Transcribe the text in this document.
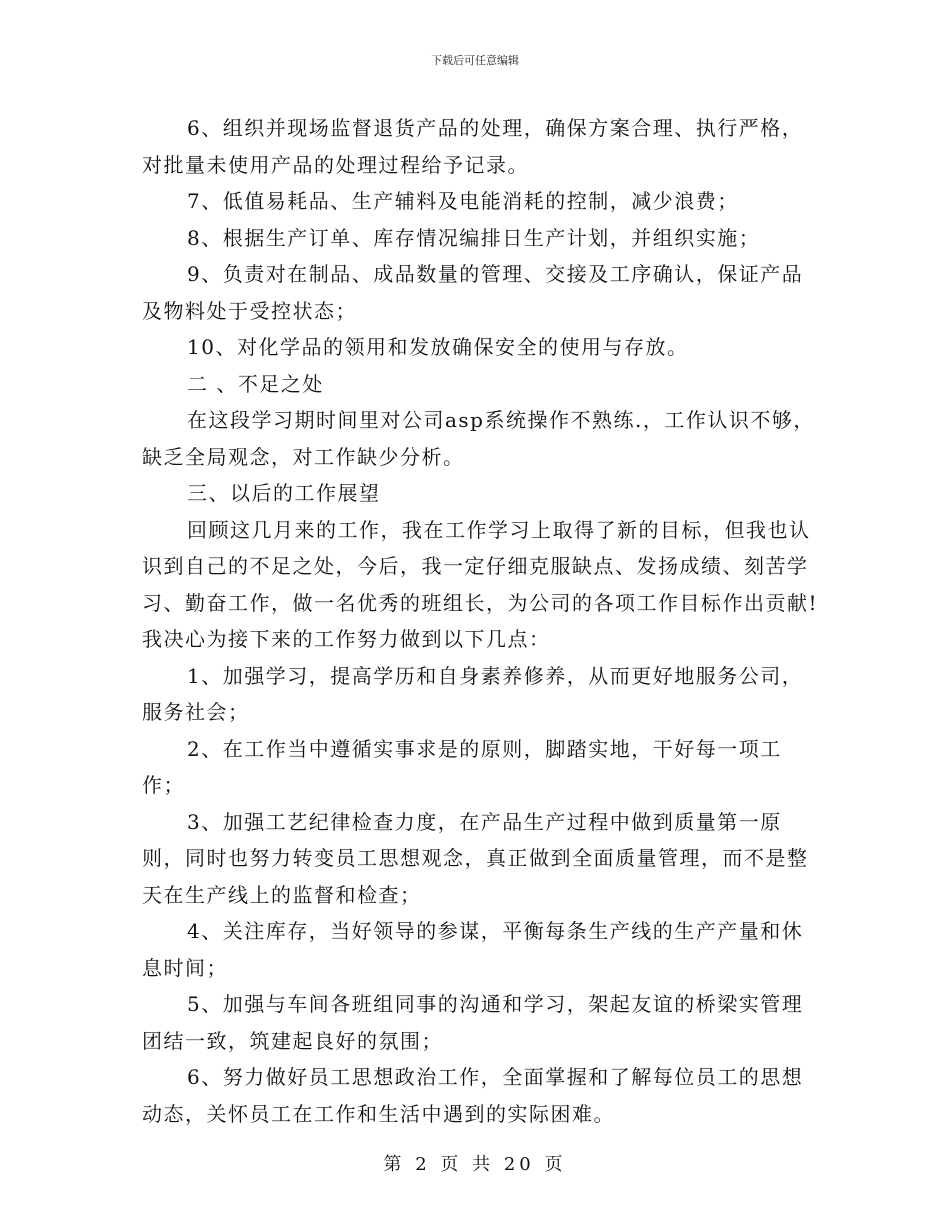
下载后可任意编辑

6、组织并现场监督退货产品的处理，确保方案合理、执行严格，对批量未使用产品的处理过程给予记录。

7、低值易耗品、生产辅料及电能消耗的控制，减少浪费；

8、根据生产订单、库存情况编排日生产计划，并组织实施；

9、负责对在制品、成品数量的管理、交接及工序确认，保证产品及物料处于受控状态；

10、对化学品的领用和发放确保安全的使用与存放。

二 、不足之处

在这段学习期时间里对公司asp系统操作不熟练.，工作认识不够，缺乏全局观念，对工作缺少分析。

三、以后的工作展望

回顾这几月来的工作，我在工作学习上取得了新的目标，但我也认识到自己的不足之处，今后，我一定仔细克服缺点、发扬成绩、刻苦学习、勤奋工作，做一名优秀的班组长，为公司的各项工作目标作出贡献!我决心为接下来的工作努力做到以下几点：

1、加强学习，提高学历和自身素养修养，从而更好地服务公司，服务社会；

2、在工作当中遵循实事求是的原则，脚踏实地，干好每一项工作；

3、加强工艺纪律检查力度，在产品生产过程中做到质量第一原则，同时也努力转变员工思想观念，真正做到全面质量管理，而不是整天在生产线上的监督和检查；

4、关注库存，当好领导的参谋，平衡每条生产线的生产产量和休息时间；

5、加强与车间各班组同事的沟通和学习，架起友谊的桥梁实管理团结一致，筑建起良好的氛围；

6、努力做好员工思想政治工作，全面掌握和了解每位员工的思想动态，关怀员工在工作和生活中遇到的实际困难。

第 2 页 共 20 页
